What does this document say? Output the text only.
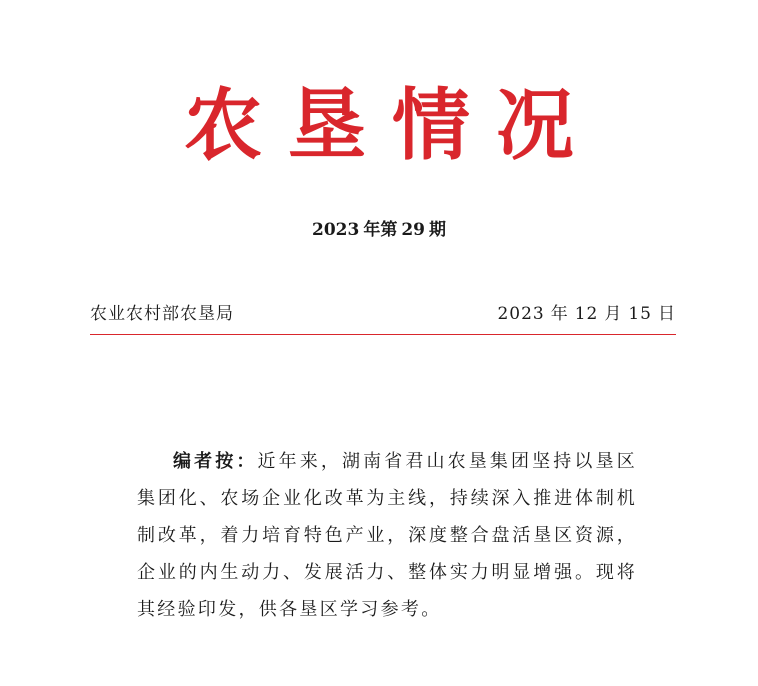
农垦情况
2023 年第 29 期
农业农村部农垦局	2023 年 12 月 15 日

编者按：近年来，湖南省君山农垦集团坚持以垦区集团化、农场企业化改革为主线，持续深入推进体制机制改革，着力培育特色产业，深度整合盘活垦区资源，企业的内生动力、发展活力、整体实力明显增强。现将其经验印发，供各垦区学习参考。
